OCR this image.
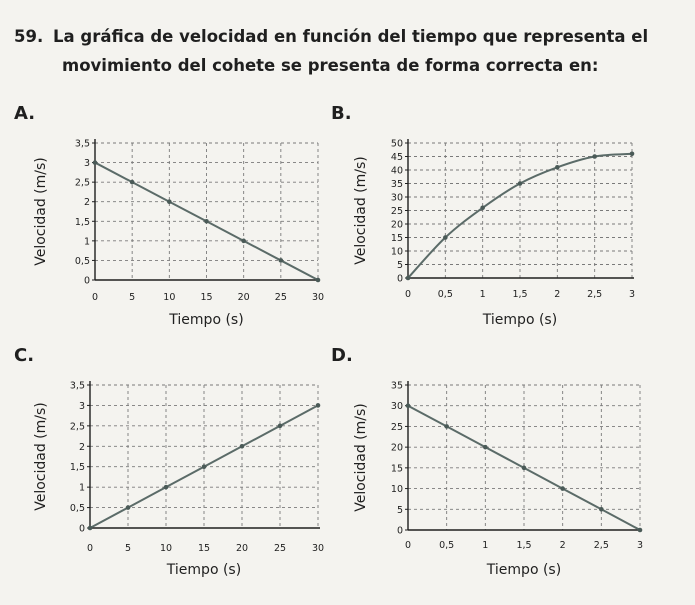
59. La gráfica de velocidad en función del tiempo que representa el
movimiento del cohete se presenta de forma correcta en:
A.	B.
C.	D.
0
0,5
1
1,5
2
2,5
3
3,5
0	5	10	15	20	25	30
Tiempo (s)
Velocidad (m/s)
0
5
10
15
20
25
30
35
40
45
50
0	0,5	1	1,5	2	2,5	3
Tiempo (s)
Velocidad (m/s)
0
0,5
1
1,5
2
2,5
3
3,5
0	5	10	15	20	25	30
Tiempo (s)
Velocidad (m/s)
0
5
10
15
20
25
30
35
0	0,5	1	1,5	2	2,5	3
Tiempo (s)
Velocidad (m/s)
